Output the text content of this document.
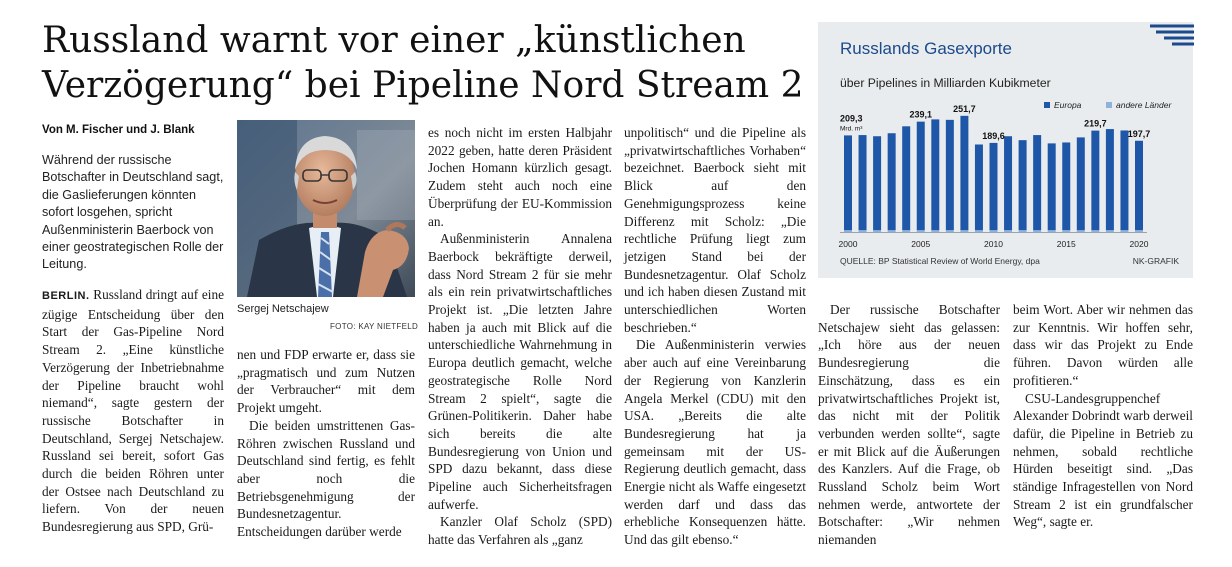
Russland warnt vor einer „künstlichen Verzögerung“ bei Pipeline Nord Stream 2
Von M. Fischer und J. Blank

Während der russische Botschafter in Deutschland sagt, die Gaslieferungen könnten sofort losgehen, spricht Außenministerin Baerbock von einer geostrategischen Rolle der Leitung.

Sergej Netschajew
FOTO: KAY NIETFELD

BERLIN. Russland dringt auf eine zügige Entscheidung über den Start der Gas-Pipeline Nord Stream 2. „Eine künstliche Verzögerung der Inbetriebnahme der Pipeline braucht wohl niemand“, sagte gestern der russische Botschafter in Deutschland, Sergej Netschajew. Russland sei bereit, sofort Gas durch die beiden Röhren unter der Ostsee nach Deutschland zu liefern. Von der neuen Bundesregierung aus SPD, Grü-

nen und FDP erwarte er, dass sie „pragmatisch und zum Nutzen der Verbraucher“ mit dem Projekt umgeht.

Die beiden umstrittenen Gas-Röhren zwischen Russland und Deutschland sind fertig, es fehlt aber noch die Betriebsgenehmigung der Bundesnetzagentur. Entscheidungen darüber werde

es noch nicht im ersten Halbjahr 2022 geben, hatte deren Präsident Jochen Homann kürzlich gesagt. Zudem steht auch noch eine Überprüfung der EU-Kommission an.

Außenministerin Annalena Baerbock bekräftigte derweil, dass Nord Stream 2 für sie mehr als ein rein privatwirtschaftliches Projekt ist. „Die letzten Jahre haben ja auch mit Blick auf die unterschiedliche Wahrnehmung in Europa deutlich gemacht, welche geostrategische Rolle Nord Stream 2 spielt“, sagte die Grünen-Politikerin. Daher habe sich bereits die alte Bundesregierung von Union und SPD dazu bekannt, dass diese Pipeline auch Sicherheitsfragen aufwerfe.

Kanzler Olaf Scholz (SPD) hatte das Verfahren als „ganz

unpolitisch“ und die Pipeline als „privatwirtschaftliches Vorhaben“ bezeichnet. Baerbock sieht mit Blick auf den Genehmigungsprozess keine Differenz mit Scholz: „Die rechtliche Prüfung liegt zum jetzigen Stand bei der Bundesnetzagentur. Olaf Scholz und ich haben diesen Zustand mit unterschiedlichen Worten beschrieben.“

Die Außenministerin verwies aber auch auf eine Vereinbarung der Regierung von Kanzlerin Angela Merkel (CDU) mit den USA. „Bereits die alte Bundesregierung hat ja gemeinsam mit der US-Regierung deutlich gemacht, dass Energie nicht als Waffe eingesetzt werden darf und dass das erhebliche Konsequenzen hätte. Und das gilt ebenso.“

Der russische Botschafter Netschajew sieht das gelassen: „Ich höre aus der neuen Bundesregierung die Einschätzung, dass es ein privatwirtschaftliches Projekt ist, das nicht mit der Politik verbunden werden sollte“, sagte er mit Blick auf die Äußerungen des Kanzlers. Auf die Frage, ob Russland Scholz beim Wort nehmen werde, antwortete der Botschafter: „Wir nehmen niemanden

beim Wort. Aber wir nehmen das zur Kenntnis. Wir hoffen sehr, dass wir das Projekt zu Ende führen. Davon würden alle profitieren.“

CSU-Landesgruppenchef Alexander Dobrindt warb derweil dafür, die Pipeline in Betrieb zu nehmen, sobald rechtliche Hürden beseitigt sind. „Das ständige Infragestellen von Nord Stream 2 ist ein grundfalscher Weg“, sagte er.

Russlands Gasexporte
über Pipelines in Milliarden Kubikmeter
209,3
Mrd. m³
239,1
251,7
189,6
219,7
197,7
2000	2005	2010	2015	2020
Europa	andere Länder
QUELLE: BP Statistical Review of World Energy, dpa	NK-GRAFIK
